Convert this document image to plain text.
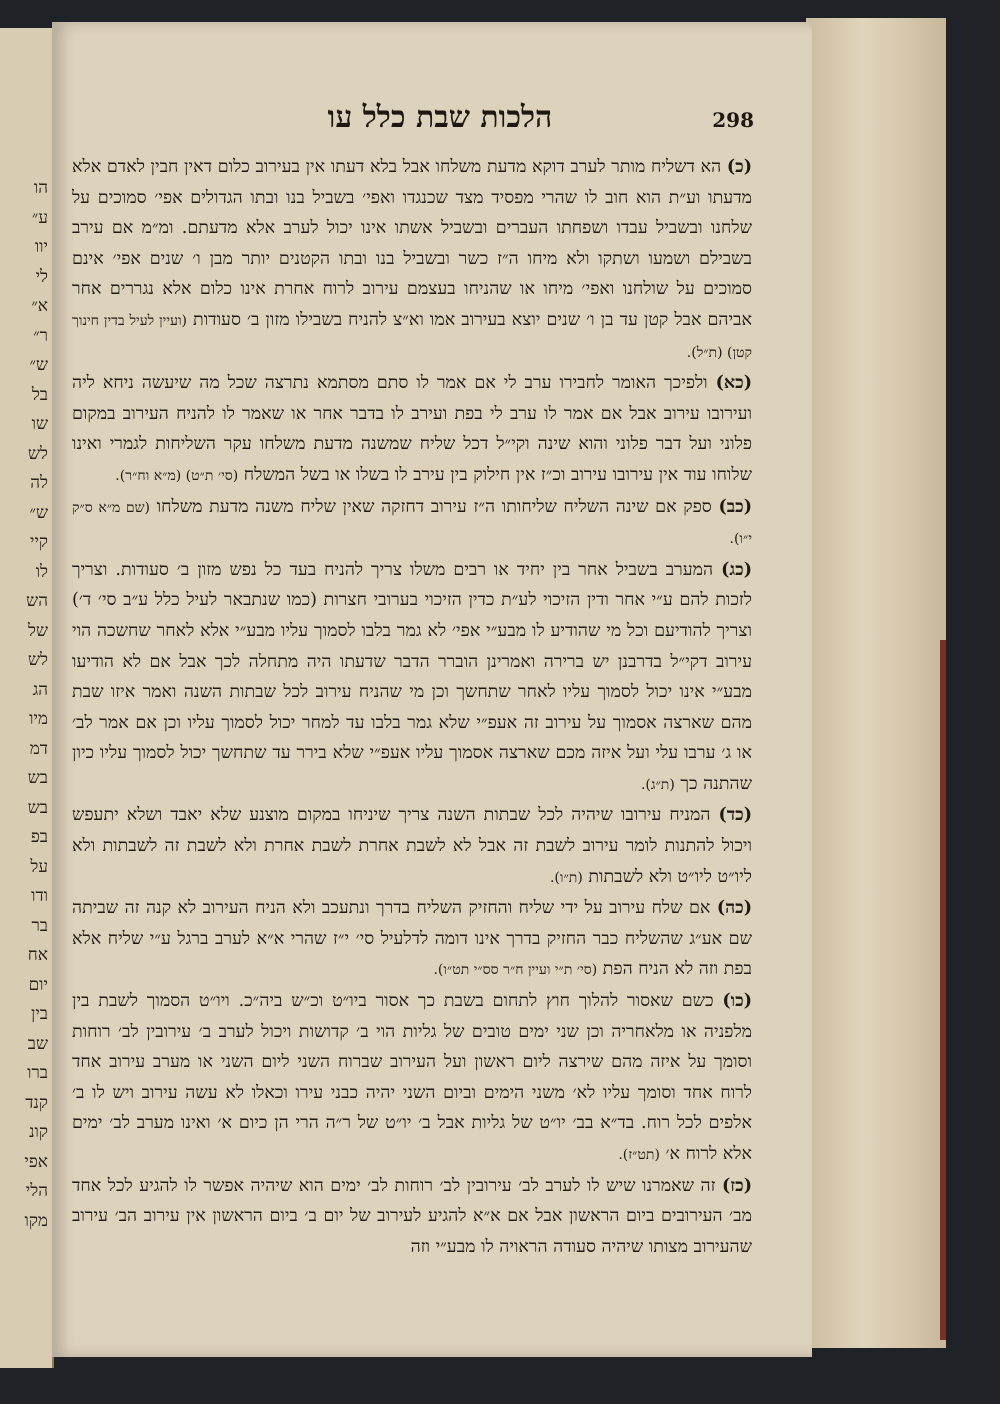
הו
ע״
יוו
לי
א״
ר״
ש״
בל
שו
לש
לה
ש״
קיי
לו
הש
של
לש
הג
מיו
דמ
בש
בש
בפ
על
ודו
בר
אח
יום
בין
שב
ברו
קנד
קונ
אפי
הלי
מקו
הלכות שבת כלל עו	298

(כ) הא דשליח מותר לערב דוקא מדעת משלחו אבל בלא דעתו אין בעירוב כלום דאין חבין לאדם אלא מדעתו וע״ת הוא חוב לו שהרי מפסיד מצד שכנגדו ואפי׳ בשביל בנו ובתו הגדולים אפי׳ סמוכים על שלחנו ובשביל עבדו ושפחתו העברים ובשביל אשתו אינו יכול לערב אלא מדעתם. ומ״מ אם עירב בשבילם ושמעו ושתקו ולא מיחו ה״ז כשר ובשביל בנו ובתו הקטנים יותר מבן ו׳ שנים אפי׳ אינם סמוכים על שולחנו ואפי׳ מיחו או שהניחו בעצמם עירוב לרוח אחרת אינו כלום אלא נגררים אחר אביהם אבל קטן עד בן ו׳ שנים יוצא בעירוב אמו וא״צ להניח בשבילו מזון ב׳ סעודות (ועיין לעיל בדין חינוך קטן) (ת״ל).

(כא) ולפיכך האומר לחבירו ערב לי אם אמר לו סתם מסתמא נתרצה שכל מה שיעשה ניחא ליה ועירובו עירוב אבל אם אמר לו ערב לי בפת ועירב לו בדבר אחר או שאמר לו להניח העירוב במקום פלוני ועל דבר פלוני והוא שינה וקי״ל דכל שליח שמשנה מדעת משלחו עקר השליחות לגמרי ואינו שלוחו עוד אין עירובו עירוב וכ״ז אין חילוק בין עירב לו בשלו או בשל המשלח (סי׳ ת״ט) (מ״א וח״ר).

(כב) ספק אם שינה השליח שליחותו ה״ז עירוב דחזקה שאין שליח משנה מדעת משלחו (שם מ״א ס״ק י״ו).

(כג) המערב בשביל אחר בין יחיד או רבים משלו צריך להניח בעד כל נפש מזון ב׳ סעודות. וצריך לזכות להם ע״י אחר ודין הזיכוי לע״ת כדין הזיכוי בערובי חצרות (כמו שנתבאר לעיל כלל ע״ב סי׳ ד׳) וצריך להודיעם וכל מי שהודיע לו מבע״י אפי׳ לא גמר בלבו לסמוך עליו מבע״י אלא לאחר שחשכה הוי עירוב דקי״ל בדרבנן יש ברירה ואמרינן הוברר הדבר שדעתו היה מתחלה לכך אבל אם לא הודיעו מבע״י אינו יכול לסמוך עליו לאחר שתחשך וכן מי שהניח עירוב לכל שבתות השנה ואמר איזו שבת מהם שארצה אסמוך על עירוב זה אעפ״י שלא גמר בלבו עד למחר יכול לסמוך עליו וכן אם אמר לב׳ או ג׳ ערבו עלי ועל איזה מכם שארצה אסמוך עליו אעפ״י שלא בירר עד שתחשך יכול לסמוך עליו כיון שהתנה כך (ת״ג).

(כד) המניח עירובו שיהיה לכל שבתות השנה צריך שיניחו במקום מוצנע שלא יאבד ושלא יתעפש ויכול להתנות לומר עירוב לשבת זה אבל לא לשבת אחרת לשבת אחרת ולא לשבת זה לשבתות ולא ליו״ט ליו״ט ולא לשבתות (ת״ו).

(כה) אם שלח עירוב על ידי שליח והחזיק השליח בדרך ונתעכב ולא הניח העירוב לא קנה זה שביתה שם אע״ג שהשליח כבר החזיק בדרך אינו דומה לדלעיל סי׳ י״ז שהרי א״א לערב ברגל ע״י שליח אלא בפת וזה לא הניח הפת (סי׳ ת״י ועיין ח״ר סס״י תט״ו).

(כו) כשם שאסור להלוך חוץ לתחום בשבת כך אסור ביו״ט וכ״ש ביה״כ. ויו״ט הסמוך לשבת בין מלפניה או מלאחריה וכן שני ימים טובים של גליות הוי ב׳ קדושות ויכול לערב ב׳ עירובין לב׳ רוחות וסומך על איזה מהם שירצה ליום ראשון ועל העירוב שברוח השני ליום השני או מערב עירוב אחד לרוח אחד וסומך עליו לא׳ משני הימים וביום השני יהיה כבני עירו וכאלו לא עשה עירוב ויש לו ב׳ אלפים לכל רוח. בד״א בב׳ יו״ט של גליות אבל ב׳ יו״ט של ר״ה הרי הן כיום א׳ ואינו מערב לב׳ ימים אלא לרוח א׳ (תט״ז).

(כז) זה שאמרנו שיש לו לערב לב׳ עירובין לב׳ רוחות לב׳ ימים הוא שיהיה אפשר לו להגיע לכל אחד מב׳ העירובים ביום הראשון אבל אם א״א להגיע לעירוב של יום ב׳ ביום הראשון אין עירוב הב׳ עירוב שהעירוב מצותו שיהיה סעודה הראויה לו מבע״י וזה
